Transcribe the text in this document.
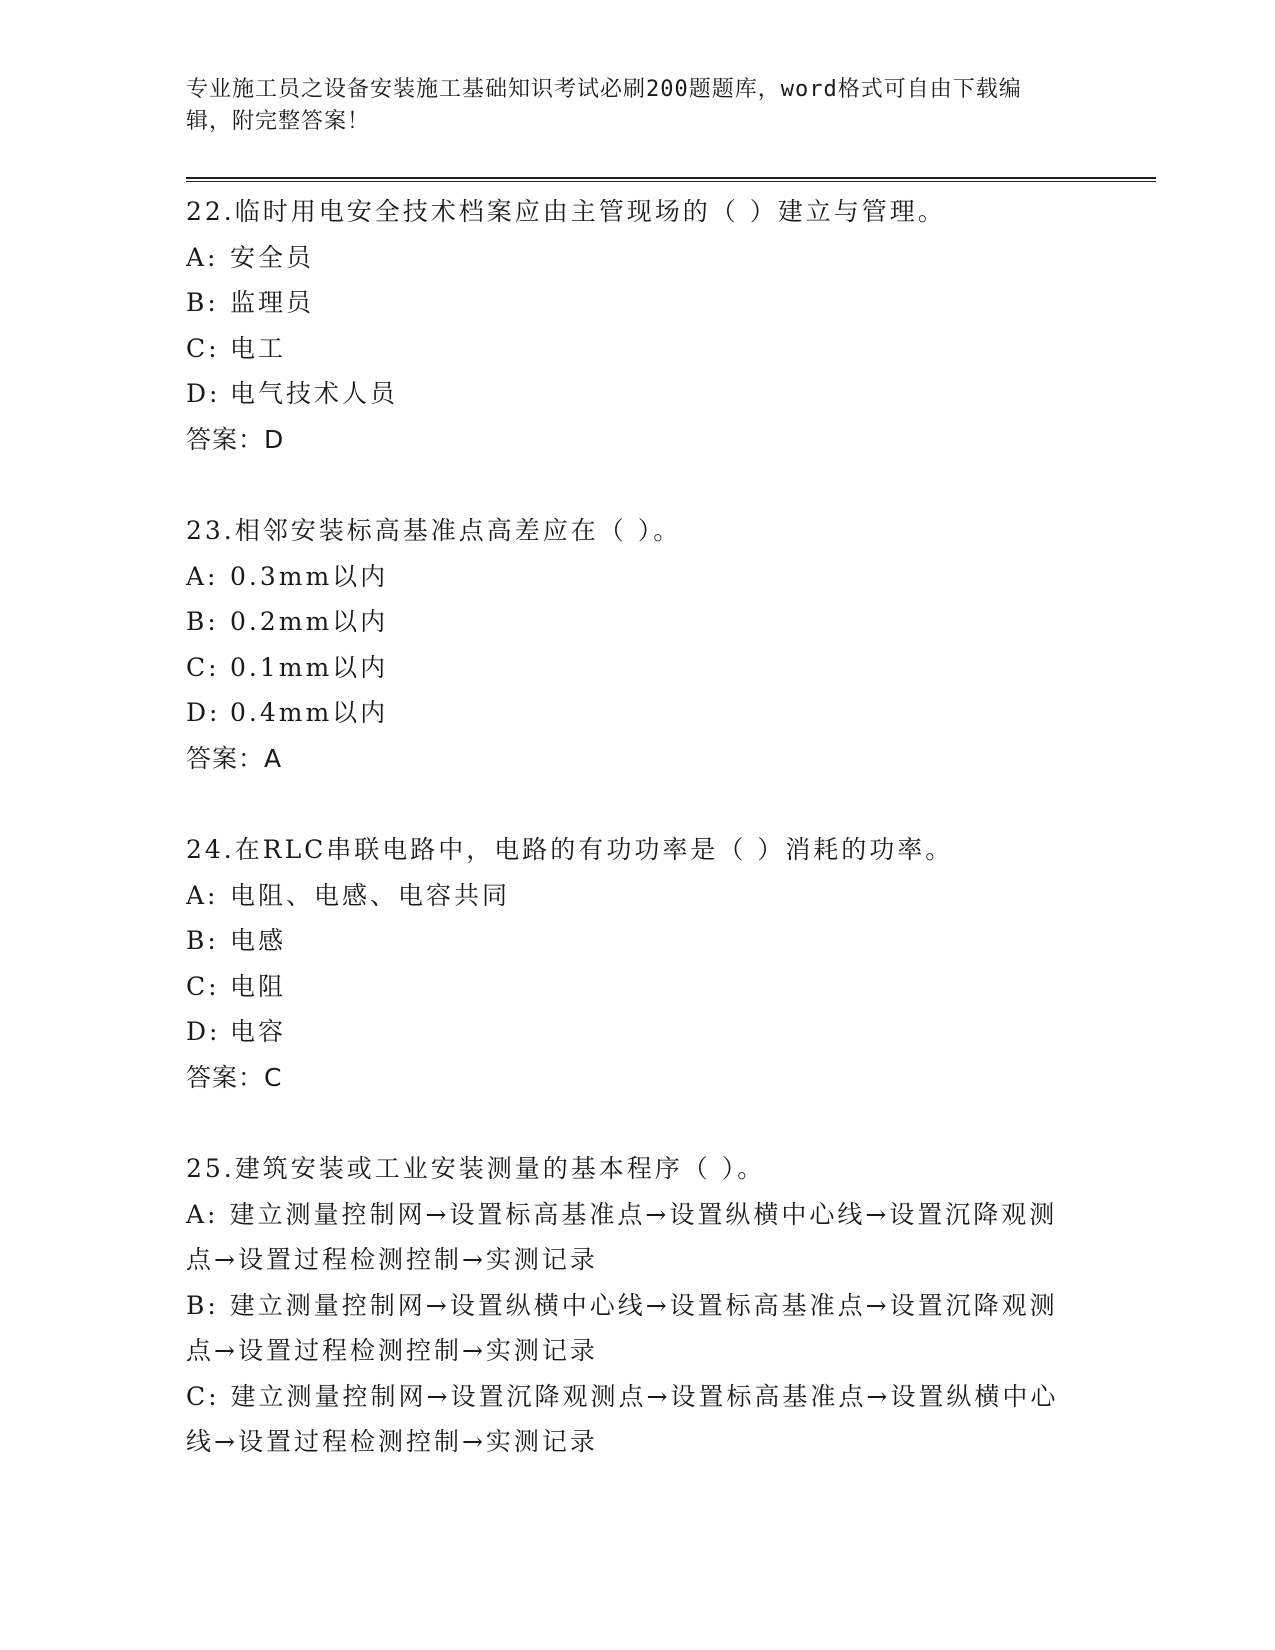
专业施工员之设备安装施工基础知识考试必刷200题题库，word格式可自由下载编辑，附完整答案！
22.临时用电安全技术档案应由主管现场的（ ）建立与管理。
A: 安全员
B: 监理员
C: 电工
D: 电气技术人员
答案：D
23.相邻安装标高基准点高差应在（ ）。
A: 0.3mm以内
B: 0.2mm以内
C: 0.1mm以内
D: 0.4mm以内
答案：A
24.在RLC串联电路中，电路的有功功率是（ ）消耗的功率。
A: 电阻、电感、电容共同
B: 电感
C: 电阻
D: 电容
答案：C
25.建筑安装或工业安装测量的基本程序（ ）。
A: 建立测量控制网→设置标高基准点→设置纵横中心线→设置沉降观测点→设置过程检测控制→实测记录
B: 建立测量控制网→设置纵横中心线→设置标高基准点→设置沉降观测点→设置过程检测控制→实测记录
C: 建立测量控制网→设置沉降观测点→设置标高基准点→设置纵横中心线→设置过程检测控制→实测记录
